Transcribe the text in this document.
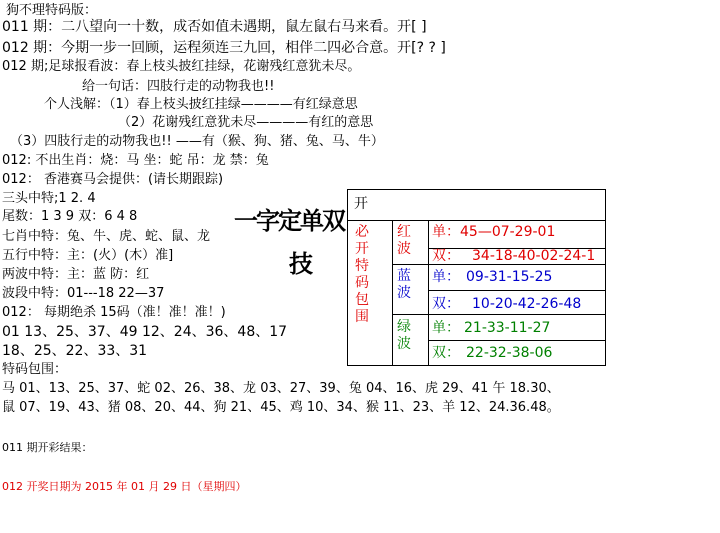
狗不理特码版：
011 期：二八望向一十数，成否如值未遇期，鼠左鼠右马来看。开[ ]
012 期：今期一步一回顾，运程须连三九回，相伴二四必合意。开[? ? ]
012 期;足球报看波：春上枝头披红挂绿，花谢残红意犹未尽。
给一句话：四肢行走的动物我也!!
个人浅解：（1）春上枝头披红挂绿————有红绿意思
（2）花谢残红意犹未尽————有红的意思
（3）四肢行走的动物我也!! ——有（猴、狗、猪、兔、马、牛）
012: 不出生肖：烧：马 坐：蛇 吊：龙 禁：兔
012： 香港赛马会提供：(请长期跟踪)
三头中特;1 2. 4
尾数：1 3 9 双：6 4 8
七肖中特：兔、牛、虎、蛇、鼠、龙
五行中特：主：(火）(木）准]
两波中特：主：蓝 防：红
波段中特：01---18 22—37
012： 每期绝杀 15码（准！准！准！)
01 13、25、37、49 12、24、36、48、17
18、25、22、33、31
特码包围：
马 01、13、25、37、蛇 02、26、38、龙 03、27、39、兔 04、16、虎 29、41 午 18.30、
鼠 07、19、43、猪 08、20、44、狗 21、45、鸡 10、34、猴 11、23、羊 12、24.36.48。
011 期开彩结果：
012 开奖日期为 2015 年 01 月 29 日（星期四）
一字定单双
技
开
必开特码包围
红波
单： 45—07-29-01
双： 34-18-40-02-24-1
蓝波
单： 09-31-15-25
双： 10-20-42-26-48
绿波
单： 21-33-11-27
双： 22-32-38-06
